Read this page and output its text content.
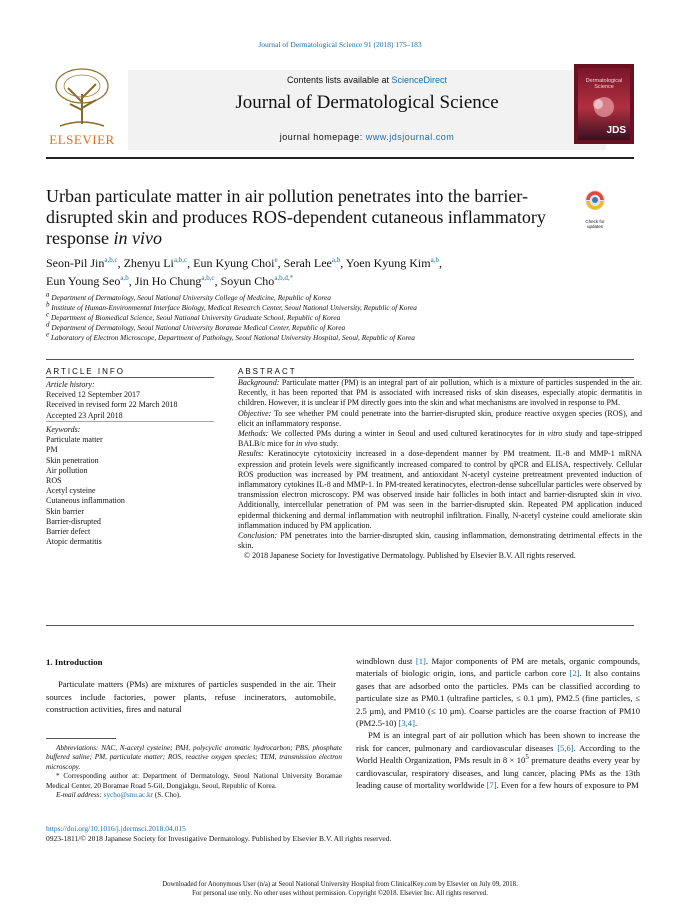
Journal of Dermatological Science 91 (2018) 175–183
ELSEVIER
Contents lists available at ScienceDirect
Journal of Dermatological Science
journal homepage: www.jdsjournal.com
Dermatological Science
JDS
Urban particulate matter in air pollution penetrates into the barrier-disrupted skin and produces ROS-dependent cutaneous inflammatory response in vivo
Check for updates
Seon-Pil Jin$^{a,b,c}$, Zhenyu Li$^{a,b,c}$, Eun Kyung Choi$^e$, Serah Lee$^{a,b}$, Yoen Kyung Kim$^{a,b}$,
Eun Young Seo$^{a,b}$, Jin Ho Chung$^{a,b,c}$, Soyun Cho$^{a,b,d,*}$
$^a$ Department of Dermatology, Seoul National University College of Medicine, Republic of Korea
$^b$ Institute of Human-Environmental Interface Biology, Medical Research Center, Seoul National University, Republic of Korea
$^c$ Department of Biomedical Science, Seoul National University Graduate School, Republic of Korea
$^d$ Department of Dermatology, Seoul National University Boramae Medical Center, Republic of Korea
$^e$ Laboratory of Electron Microscope, Department of Pathology, Seoul National University Hospital, Seoul, Republic of Korea
ARTICLE INFO	ABSTRACT
Article history:
Received 12 September 2017
Received in revised form 22 March 2018
Accepted 23 April 2018
Keywords:
Particulate matter
PM
Skin penetration
Air pollution
ROS
Acetyl cysteine
Cutaneous inflammation
Skin barrier
Barrier-disrupted
Barrier defect
Atopic dermatitis

Background: Particulate matter (PM) is an integral part of air pollution, which is a mixture of particles suspended in the air. Recently, it has been reported that PM is associated with increased risks of skin diseases, especially atopic dermatitis in children. However, it is unclear if PM directly goes into the skin and what mechanisms are involved in response to PM.

Objective: To see whether PM could penetrate into the barrier-disrupted skin, produce reactive oxygen species (ROS), and elicit an inflammatory response.

Methods: We collected PMs during a winter in Seoul and used cultured keratinocytes for in vitro study and tape-stripped BALB/c mice for in vivo study.

Results: Keratinocyte cytotoxicity increased in a dose-dependent manner by PM treatment. IL-8 and MMP-1 mRNA expression and protein levels were significantly increased compared to control by qPCR and ELISA, respectively. Cellular ROS production was increased by PM treatment, and antioxidant N-acetyl cysteine pretreatment prevented induction of inflammatory cytokines IL-8 and MMP-1. In PM-treated keratinocytes, electron-dense subcellular particles were observed by transmission electron microscopy. PM was observed inside hair follicles in both intact and barrier-disrupted skin in vivo. Additionally, intercellular penetration of PM was seen in the barrier-disrupted skin. Repeated PM application induced epidermal thickening and dermal inflammation with neutrophil infiltration. Finally, N-acetyl cysteine could ameliorate skin inflammation induced by PM application.

Conclusion: PM penetrates into the barrier-disrupted skin, causing inflammation, demonstrating detrimental effects in the skin.

© 2018 Japanese Society for Investigative Dermatology. Published by Elsevier B.V. All rights reserved.

1. Introduction

Particulate matters (PMs) are mixtures of particles suspended in the air. Their sources include factories, power plants, refuse incinerators, automobile, construction activities, fires and natural

windblown dust [1]. Major components of PM are metals, organic compounds, materials of biologic origin, ions, and particle carbon core [2]. It also contains gases that are adsorbed onto the particles. PMs can be classified according to particulate size as PM0.1 (ultrafine particles, ≤ 0.1 μm), PM2.5 (fine particles, ≤ 2.5 μm), and PM10 (≤ 10 μm). Coarse particles are the coarse fraction of PM10 (PM2.5-10) [3,4].

PM is an integral part of air pollution which has been shown to increase the risk for cancer, pulmonary and cardiovascular diseases [5,6]. According to the World Health Organization, PMs result in $8 \times 10^5$ premature deaths every year by cardiovascular, respiratory diseases, and lung cancer, placing PMs as the 13th leading cause of mortality worldwide [7]. Even for a few hours of exposure to PM

Abbreviations: NAC, N-acetyl cysteine; PAH, polycyclic aromatic hydrocarbon; PBS, phosphate buffered saline; PM, particulate matter; ROS, reactive oxygen species; TEM, transmission electron microscopy.

* Corresponding author at: Department of Dermatology, Seoul National University Boramae Medical Center, 20 Boramae Road 5-Gil, Dongjakgu, Seoul, Republic of Korea.

E-mail address: sycho@snu.ac.kr (S. Cho).

https://doi.org/10.1016/j.jdermsci.2018.04.015
0923-1811/© 2018 Japanese Society for Investigative Dermatology. Published by Elsevier B.V. All rights reserved.
Downloaded for Anonymous User (n/a) at Seoul National University Hospital from ClinicalKey.com by Elsevier on July 09, 2018.
For personal use only. No other uses without permission. Copyright ©2018. Elsevier Inc. All rights reserved.
